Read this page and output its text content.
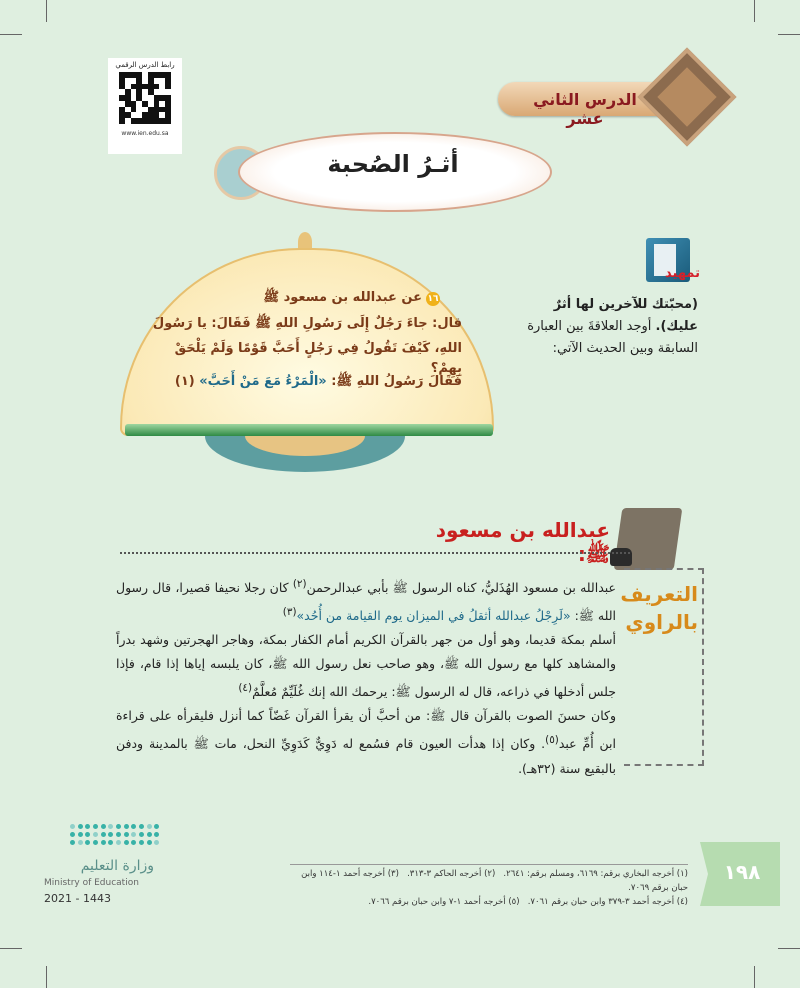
رابط الدرس الرقمي
www.ien.edu.sa
الدرس الثاني عشر
أثـرُ الصُحبة
١٦عن عبدالله بن مسعود ﷺ
قال: جاءَ رَجُلٌ إِلَى رَسُولِ اللهِ ﷺ فَقَالَ: يا رَسُولَ
اللهِ، كَيْفَ تَقُولُ فِي رَجُلٍ أَحَبَّ قَوْمًا وَلَمْ يَلْحَقْ بِهِمْ؟
فَقَالَ رَسُولُ اللهِ ﷺ: «الْمَرْءُ مَعَ مَنْ أَحَبَّ» (١)
تمهيد
(محبّتك للآخرين لها أثرٌ عليك). أوجد العلاقةَ بين العبارة السابقة وبين الحديث الآتي:
عبدالله بن مسعود ﷺ:
التعريف
بالراوي

عبدالله بن مسعود الهُذَليُّ، كناه الرسول ﷺ بأبي عبدالرحمن$^{(٢)}$ كان رجلا نحيفا قصيرا، قال رسول الله ﷺ: «لَرِجْلُ عبدالله أثقلُ في الميزان يوم القيامة من أُحُد»$^{(٣)}$

أسلم بمكة قديما، وهو أول من جهر بالقرآن الكريم أمام الكفار بمكة، وهاجر الهجرتين وشهد بدراً والمشاهد كلها مع رسول الله ﷺ، وهو صاحب نعل رسول الله ﷺ، كان يلبسه إياها إذا قام، فإذا جلس أدخلها في ذراعه، قال له الرسول ﷺ: يرحمك الله إنك غُلَيِّمٌ مُعلَّمٌ$^{(٤)}$

وكان حسنَ الصوت بالقرآن قال ﷺ: من أحبَّ أن يقرأ القرآن غَضّاً كما أنزل فليقرأه على قراءة ابن أُمِّ عبد$^{(٥)}$. وكان إذا هدأت العيون قام فسُمع له دَوِيٌّ كَدَوِيِّ النحل، مات ﷺ بالمدينة ودفن بالبقيع سنة (٣٢هـ).

(١) أخرجه البخاري برقم: ٦١٦٩، ومسلم برقم: ٢٦٤١.   (٢) أخرجه الحاكم ٣-٣١٣.   (٣) أخرجه أحمد ١-١١٤ وابن حبان برقم ٧٠٦٩.
(٤) أخرجه أحمد ٣-٣٧٩ وابن حبان برقم ٧٠٦١.   (٥) أخرجه أحمد ١-٧ وابن حبان برقم ٧٠٦٦.
١٩٨
وزارة التعليم
Ministry of Education
2021 - 1443
